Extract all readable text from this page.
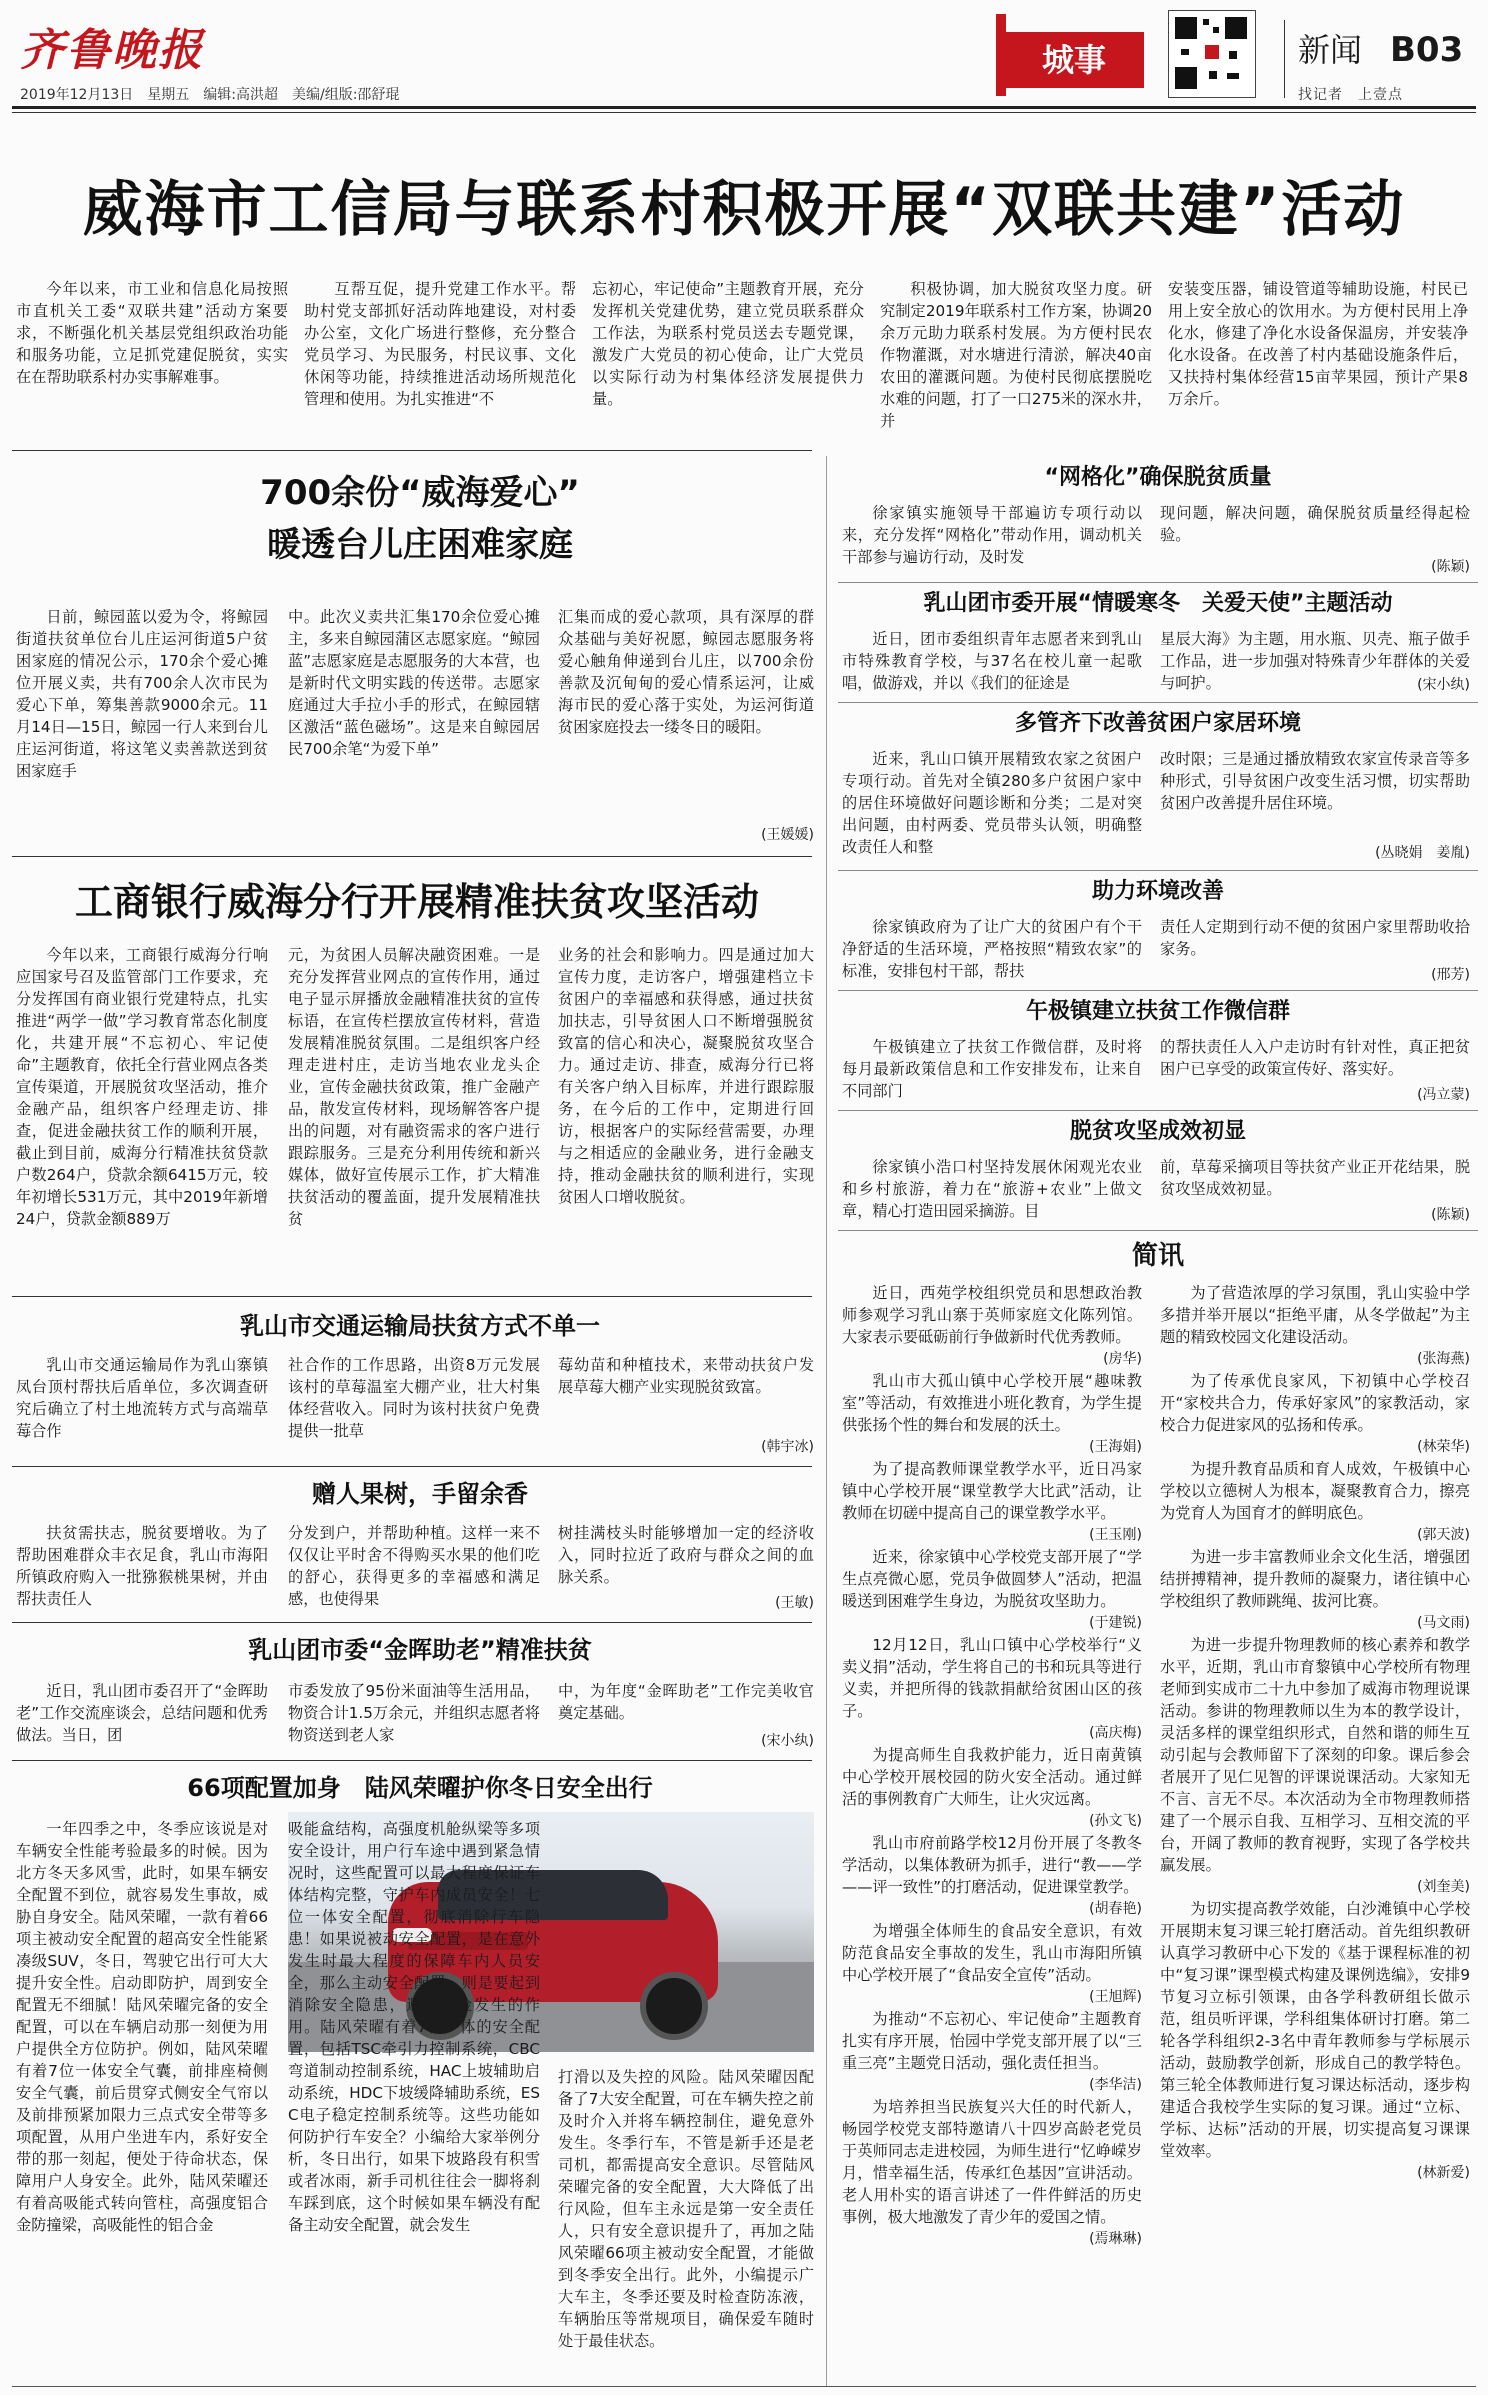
齐鲁晚报
2019年12月13日　星期五　编辑:高洪超　美编/组版:邵舒琨
城事	新闻 B03
找记者　上壹点
威海市工信局与联系村积极开展“双联共建”活动

今年以来，市工业和信息化局按照市直机关工委“双联共建”活动方案要求，不断强化机关基层党组织政治功能和服务功能，立足抓党建促脱贫，实实在在帮助联系村办实事解难事。

互帮互促，提升党建工作水平。帮助村党支部抓好活动阵地建设，对村委办公室，文化广场进行整修，充分整合党员学习、为民服务，村民议事、文化休闲等功能，持续推进活动场所规范化管理和使用。为扎实推进“不

忘初心，牢记使命”主题教育开展，充分发挥机关党建优势，建立党员联系群众工作法，为联系村党员送去专题党课，激发广大党员的初心使命，让广大党员以实际行动为村集体经济发展提供力量。

积极协调，加大脱贫攻坚力度。研究制定2019年联系村工作方案，协调20余万元助力联系村发展。为方便村民农作物灌溉，对水塘进行清淤，解决40亩农田的灌溉问题。为使村民彻底摆脱吃水难的问题，打了一口275米的深水井，并

安装变压器，铺设管道等辅助设施，村民已用上安全放心的饮用水。为方便村民用上净化水，修建了净化水设备保温房，并安装净化水设备。在改善了村内基础设施条件后，又扶持村集体经营15亩苹果园，预计产果8万余斤。

700余份“威海爱心”
暖透台儿庄困难家庭

日前，鲸园蓝以爱为令，将鲸园街道扶贫单位台儿庄运河街道5户贫困家庭的情况公示，170余个爱心摊位开展义卖，共有700余人次市民为爱心下单，筹集善款9000余元。11月14日—15日，鲸园一行人来到台儿庄运河街道，将这笔义卖善款送到贫困家庭手

中。此次义卖共汇集170余位爱心摊主，多来自鲸园蒲区志愿家庭。“鲸园蓝”志愿家庭是志愿服务的大本营，也是新时代文明实践的传送带。志愿家庭通过大手拉小手的形式，在鲸园辖区激活“蓝色磁场”。这是来自鲸园居民700余笔“为爱下单”

汇集而成的爱心款项，具有深厚的群众基础与美好祝愿，鲸园志愿服务将爱心触角伸递到台儿庄，以700余份善款及沉甸甸的爱心情系运河，让威海市民的爱心落于实处，为运河街道贫困家庭投去一缕冬日的暖阳。

(王媛媛)
工商银行威海分行开展精准扶贫攻坚活动

今年以来，工商银行威海分行响应国家号召及监管部门工作要求，充分发挥国有商业银行党建特点，扎实推进“两学一做”学习教育常态化制度化，共建开展“不忘初心、牢记使命”主题教育，依托全行营业网点各类宣传渠道，开展脱贫攻坚活动，推介金融产品，组织客户经理走访、排查，促进金融扶贫工作的顺利开展，截止到目前，威海分行精准扶贫贷款户数264户，贷款余额6415万元，较年初增长531万元，其中2019年新增24户，贷款金额889万

元，为贫困人员解决融资困难。一是充分发挥营业网点的宣传作用，通过电子显示屏播放金融精准扶贫的宣传标语，在宣传栏摆放宣传材料，营造发展精准脱贫氛围。二是组织客户经理走进村庄，走访当地农业龙头企业，宣传金融扶贫政策，推广金融产品，散发宣传材料，现场解答客户提出的问题，对有融资需求的客户进行跟踪服务。三是充分利用传统和新兴媒体，做好宣传展示工作，扩大精准扶贫活动的覆盖面，提升发展精准扶贫

业务的社会和影响力。四是通过加大宣传力度，走访客户，增强建档立卡贫困户的幸福感和获得感，通过扶贫加扶志，引导贫困人口不断增强脱贫致富的信心和决心，凝聚脱贫攻坚合力。通过走访、排查，威海分行已将有关客户纳入目标库，并进行跟踪服务，在今后的工作中，定期进行回访，根据客户的实际经营需要，办理与之相适应的金融业务，进行金融支持，推动金融扶贫的顺利进行，实现贫困人口增收脱贫。

乳山市交通运输局扶贫方式不单一

乳山市交通运输局作为乳山寨镇凤台顶村帮扶后盾单位，多次调查研究后确立了村土地流转方式与高端草莓合作

社合作的工作思路，出资8万元发展该村的草莓温室大棚产业，壮大村集体经营收入。同时为该村扶贫户免费提供一批草

莓幼苗和种植技术，来带动扶贫户发展草莓大棚产业实现脱贫致富。

(韩宇冰)
赠人果树，手留余香

扶贫需扶志，脱贫要增收。为了帮助困难群众丰衣足食，乳山市海阳所镇政府购入一批猕猴桃果树，并由帮扶责任人

分发到户，并帮助种植。这样一来不仅仅让平时舍不得购买水果的他们吃的舒心，获得更多的幸福感和满足感，也使得果

树挂满枝头时能够增加一定的经济收入，同时拉近了政府与群众之间的血脉关系。

(王敏)
乳山团市委“金晖助老”精准扶贫

近日，乳山团市委召开了“金晖助老”工作交流座谈会，总结问题和优秀做法。当日，团

市委发放了95份米面油等生活用品，物资合计1.5万余元，并组织志愿者将物资送到老人家

中，为年度“金晖助老”工作完美收官奠定基础。

(宋小纨)
66项配置加身　陆风荣曜护你冬日安全出行

一年四季之中，冬季应该说是对车辆安全性能考验最多的时候。因为北方冬天多风雪，此时，如果车辆安全配置不到位，就容易发生事故，威胁自身安全。陆风荣曜，一款有着66项主被动安全配置的超高安全性能紧凑级SUV，冬日，驾驶它出行可大大提升安全性。启动即防护，周到安全配置无不细腻！陆风荣曜完备的安全配置，可以在车辆启动那一刻便为用户提供全方位防护。例如，陆风荣曜有着7位一体安全气囊，前排座椅侧安全气囊，前后贯穿式侧安全气帘以及前排预紧加限力三点式安全带等多项配置，从用户坐进车内，系好安全带的那一刻起，便处于待命状态，保障用户人身安全。此外，陆风荣曜还有着高吸能式转向管柱，高强度铝合金防撞梁，高吸能性的铝合金

吸能盒结构，高强度机舱纵梁等多项安全设计，用户行车途中遇到紧急情况时，这些配置可以最大程度保证车体结构完整，守护车内成员安全！七位一体安全配置，彻底消除行车隐患！如果说被动安全配置，是在意外发生时最大程度的保障车内人员安全，那么主动安全配置，则是要起到消除安全隐患，避免危险发生的作用。陆风荣曜有着7位一体的安全配置，包括TSC牵引力控制系统，CBC弯道制动控制系统，HAC上坡辅助启动系统，HDC下坡缓降辅助系统，ESC电子稳定控制系统等。这些功能如何防护行车安全？小编给大家举例分析，冬日出行，如果下坡路段有积雪或者冰雨，新手司机往往会一脚将刹车踩到底，这个时候如果车辆没有配备主动安全配置，就会发生

打滑以及失控的风险。陆风荣曜因配备了7大安全配置，可在车辆失控之前及时介入并将车辆控制住，避免意外发生。冬季行车，不管是新手还是老司机，都需提高安全意识。尽管陆风荣曜完备的安全配置，大大降低了出行风险，但车主永远是第一安全责任人，只有安全意识提升了，再加之陆风荣曜66项主被动安全配置，才能做到冬季安全出行。此外，小编提示广大车主，冬季还要及时检查防冻液，车辆胎压等常规项目，确保爱车随时处于最佳状态。

“网格化”确保脱贫质量

徐家镇实施领导干部遍访专项行动以来，充分发挥“网格化”带动作用，调动机关干部参与遍访行动，及时发

现问题，解决问题，确保脱贫质量经得起检验。

(陈颖)
乳山团市委开展“情暖寒冬　关爱天使”主题活动

近日，团市委组织青年志愿者来到乳山市特殊教育学校，与37名在校儿童一起歌唱，做游戏，并以《我们的征途是

星辰大海》为主题，用水瓶、贝壳、瓶子做手工作品，进一步加强对特殊青少年群体的关爱与呵护。	(宋小纨)
多管齐下改善贫困户家居环境

近来，乳山口镇开展精致农家之贫困户专项行动。首先对全镇280多户贫困户家中的居住环境做好问题诊断和分类；二是对突出问题，由村两委、党员带头认领，明确整改责任人和整

改时限；三是通过播放精致农家宣传录音等多种形式，引导贫困户改变生活习惯，切实帮助贫困户改善提升居住环境。

(丛晓娟　姜胤)
助力环境改善

徐家镇政府为了让广大的贫困户有个干净舒适的生活环境，严格按照“精致农家”的标准，安排包村干部，帮扶

责任人定期到行动不便的贫困户家里帮助收拾家务。

(邢芳)
午极镇建立扶贫工作微信群

午极镇建立了扶贫工作微信群，及时将每月最新政策信息和工作安排发布，让来自不同部门

的帮扶责任人入户走访时有针对性，真正把贫困户已享受的政策宣传好、落实好。

(冯立蒙)
脱贫攻坚成效初显

徐家镇小浩口村坚持发展休闲观光农业和乡村旅游，着力在“旅游+农业”上做文章，精心打造田园采摘游。目

前，草莓采摘项目等扶贫产业正开花结果，脱贫攻坚成效初显。

(陈颖)
简讯

近日，西苑学校组织党员和思想政治教师参观学习乳山寨于英师家庭文化陈列馆。大家表示要砥砺前行争做新时代优秀教师。

(房华)

乳山市大孤山镇中心学校开展“趣味教室”等活动，有效推进小班化教育，为学生提供张扬个性的舞台和发展的沃土。

(王海娟)

为了提高教师课堂教学水平，近日冯家镇中心学校开展“课堂教学大比武”活动，让教师在切磋中提高自己的课堂教学水平。

(王玉刚)

近来，徐家镇中心学校党支部开展了“学生点亮微心愿，党员争做圆梦人”活动，把温暖送到困难学生身边，为脱贫攻坚助力。

(于建锐)

12月12日，乳山口镇中心学校举行“义卖义捐”活动，学生将自己的书和玩具等进行义卖，并把所得的钱款捐献给贫困山区的孩子。

(高庆梅)

为提高师生自我救护能力，近日南黄镇中心学校开展校园的防火安全活动。通过鲜活的事例教育广大师生，让火灾远离。

(孙文飞)

乳山市府前路学校12月份开展了冬教冬学活动，以集体教研为抓手，进行“教——学——评一致性”的打磨活动，促进课堂教学。

(胡春艳)

为增强全体师生的食品安全意识，有效防范食品安全事故的发生，乳山市海阳所镇中心学校开展了“食品安全宣传”活动。

(王旭辉)

为推动“不忘初心、牢记使命”主题教育扎实有序开展，怡园中学党支部开展了以“三重三亮”主题党日活动，强化责任担当。

(李华洁)

为培养担当民族复兴大任的时代新人，畅园学校党支部特邀请八十四岁高龄老党员于英师同志走进校园，为师生进行“忆峥嵘岁月，惜幸福生活，传承红色基因”宣讲活动。老人用朴实的语言讲述了一件件鲜活的历史事例，极大地激发了青少年的爱国之情。

(焉琳琳)

为了营造浓厚的学习氛围，乳山实验中学多措并举开展以“拒绝平庸，从冬学做起”为主题的精致校园文化建设活动。

(张海燕)

为了传承优良家风，下初镇中心学校召开“家校共合力，传承好家风”的家教活动，家校合力促进家风的弘扬和传承。

(林荣华)

为提升教育品质和育人成效，午极镇中心学校以立德树人为根本，凝聚教育合力，擦亮为党育人为国育才的鲜明底色。

(郭天波)

为进一步丰富教师业余文化生活，增强团结拼搏精神，提升教师的凝聚力，诸往镇中心学校组织了教师跳绳、拔河比赛。

(马文雨)

为进一步提升物理教师的核心素养和教学水平，近期，乳山市育黎镇中心学校所有物理老师到实成市二十九中参加了威海市物理说课活动。参讲的物理教师以生为本的教学设计，灵活多样的课堂组织形式，自然和谐的师生互动引起与会教师留下了深刻的印象。课后参会者展开了见仁见智的评课说课活动。大家知无不言、言无不尽。本次活动为全市物理教师搭建了一个展示自我、互相学习、互相交流的平台，开阔了教师的教育视野，实现了各学校共赢发展。

(刘奎美)

为切实提高教学效能，白沙滩镇中心学校开展期末复习课三轮打磨活动。首先组织教研认真学习教研中心下发的《基于课程标准的初中“复习课”课型模式构建及课例选编》，安排9节复习立标引领课，由各学科教研组长做示范，组员听评课，学科组集体研讨打磨。第二轮各学科组织2-3名中青年教师参与学标展示活动，鼓励教学创新，形成自己的教学特色。第三轮全体教师进行复习课达标活动，逐步构建适合我校学生实际的复习课。通过“立标、学标、达标”活动的开展，切实提高复习课课堂效率。

(林新爱)
